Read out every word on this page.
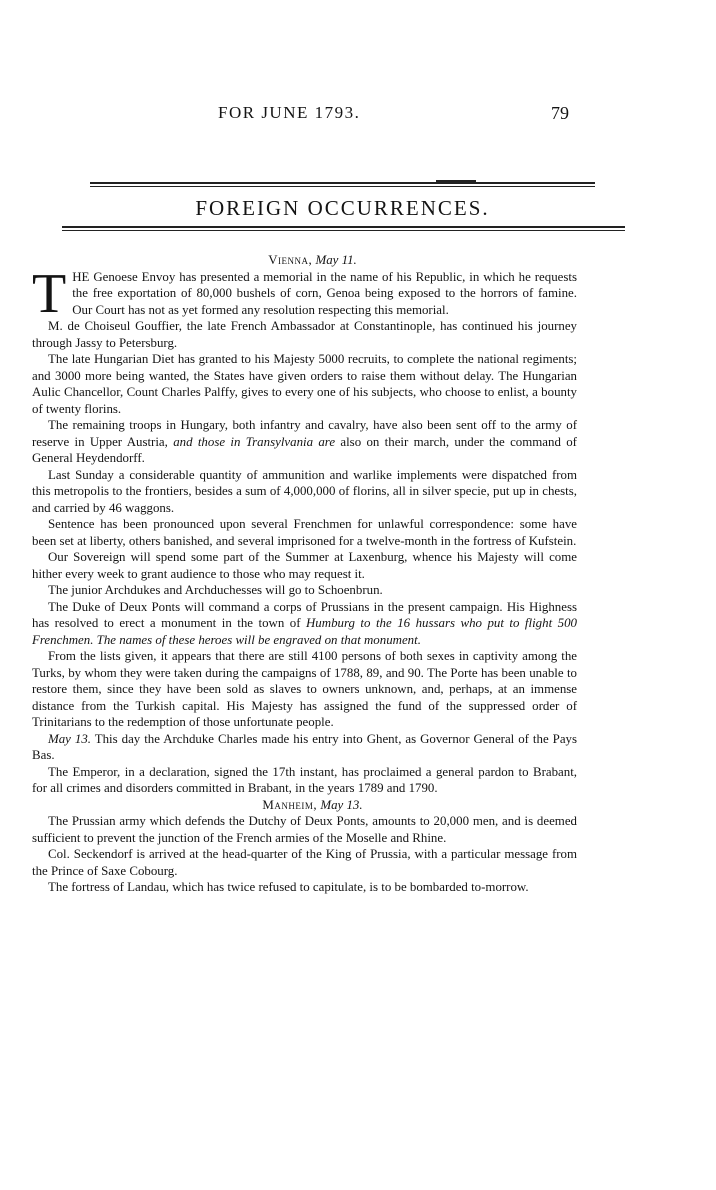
FOR JUNE 1793.	79
FOREIGN OCCURRENCES.

Vienna, May 11.

THE Genoese Envoy has presented a memorial in the name of his Republic, in which he requests the free exportation of 80,000 bushels of corn, Genoa being exposed to the horrors of famine. Our Court has not as yet formed any resolution respecting this memorial.

M. de Choiseul Gouffier, the late French Ambassador at Constantinople, has continued his journey through Jassy to Petersburg.

The late Hungarian Diet has granted to his Majesty 5000 recruits, to complete the national regiments; and 3000 more being wanted, the States have given orders to raise them without delay. The Hungarian Aulic Chancellor, Count Charles Palffy, gives to every one of his subjects, who choose to enlist, a bounty of twenty florins.

The remaining troops in Hungary, both infantry and cavalry, have also been sent off to the army of reserve in Upper Austria, and those in Transylvania are also on their march, under the command of General Heydendorff.

Last Sunday a considerable quantity of ammunition and warlike implements were dispatched from this metropolis to the frontiers, besides a sum of 4,000,000 of florins, all in silver specie, put up in chests, and carried by 46 waggons.

Sentence has been pronounced upon several Frenchmen for unlawful correspondence: some have been set at liberty, others banished, and several imprisoned for a twelve-month in the fortress of Kufstein.

Our Sovereign will spend some part of the Summer at Laxenburg, whence his Majesty will come hither every week to grant audience to those who may request it.

The junior Archdukes and Archduchesses will go to Schoenbrun.

The Duke of Deux Ponts will command a corps of Prussians in the present campaign. His Highness has resolved to erect a monument in the town of Humburg to the 16 hussars who put to flight 500 Frenchmen. The names of these heroes will be engraved on that monument.

From the lists given, it appears that there are still 4100 persons of both sexes in captivity among the Turks, by whom they were taken during the campaigns of 1788, 89, and 90. The Porte has been unable to restore them, since they have been sold as slaves to owners unknown, and, perhaps, at an immense distance from the Turkish capital. His Majesty has assigned the fund of the suppressed order of Trinitarians to the redemption of those unfortunate people.

May 13. This day the Archduke Charles made his entry into Ghent, as Governor General of the Pays Bas.

The Emperor, in a declaration, signed the 17th instant, has proclaimed a general pardon to Brabant, for all crimes and disorders committed in Brabant, in the years 1789 and 1790.

Manheim, May 13.

The Prussian army which defends the Dutchy of Deux Ponts, amounts to 20,000 men, and is deemed sufficient to prevent the junction of the French armies of the Moselle and Rhine.

Col. Seckendorf is arrived at the head-quarter of the King of Prussia, with a particular message from the Prince of Saxe Cobourg.

The fortress of Landau, which has twice refused to capitulate, is to be bombarded to-morrow.
